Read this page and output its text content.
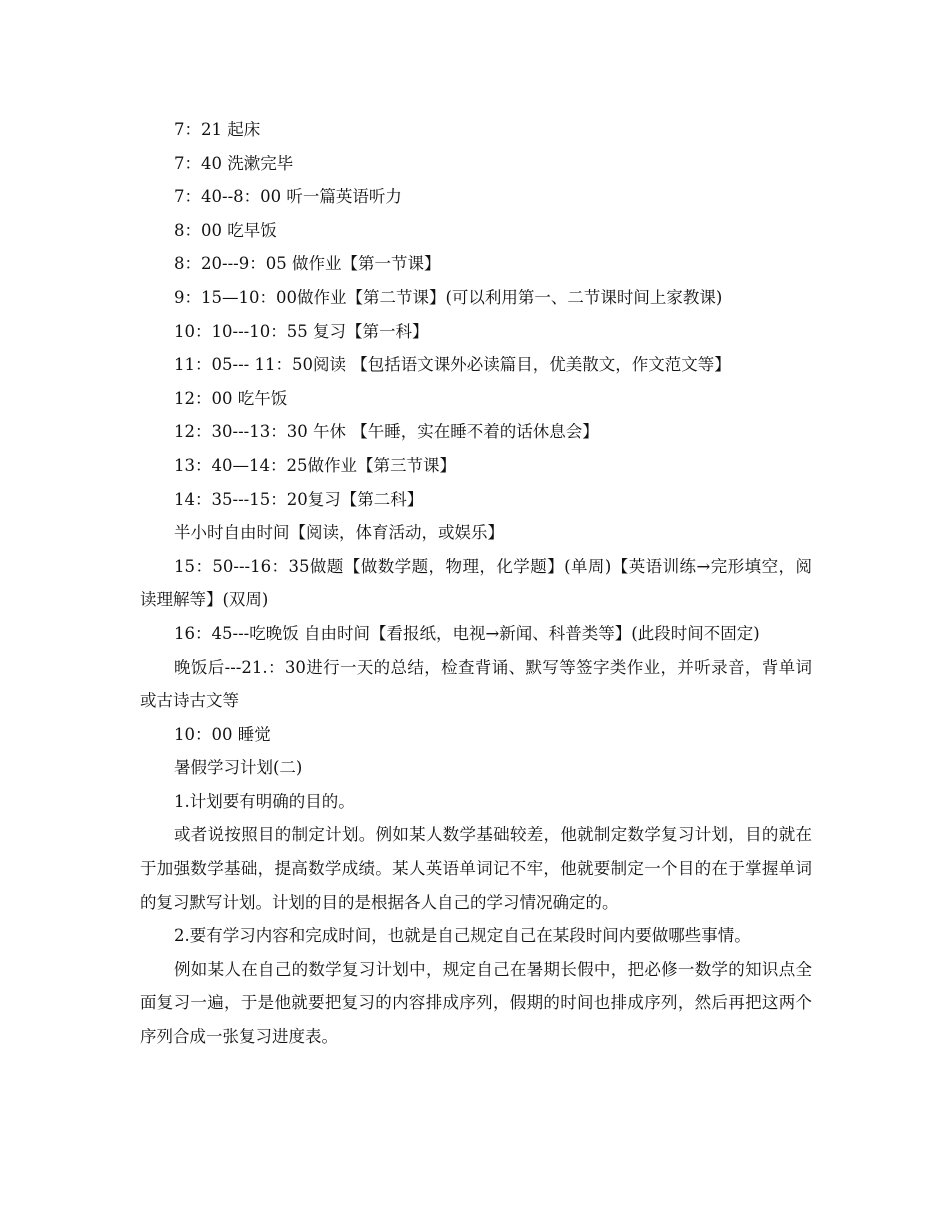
7：21 起床

7：40 洗漱完毕

7：40--8：00 听一篇英语听力

8：00 吃早饭

8：20---9：05 做作业【第一节课】

9：15—10：00做作业【第二节课】(可以利用第一、二节课时间上家教课)

10：10---10：55 复习【第一科】

11：05--- 11：50阅读 【包括语文课外必读篇目，优美散文，作文范文等】

12：00 吃午饭

12：30---13：30 午休 【午睡，实在睡不着的话休息会】

13：40—14：25做作业【第三节课】

14：35---15：20复习【第二科】

半小时自由时间【阅读，体育活动，或娱乐】

15：50---16：35做题【做数学题，物理，化学题】(单周)【英语训练→完形填空，阅读理解等】(双周)

16：45---吃晚饭 自由时间【看报纸，电视→新闻、科普类等】(此段时间不固定)

晚饭后---21.：30进行一天的总结，检查背诵、默写等签字类作业，并听录音，背单词或古诗古文等

10：00 睡觉

暑假学习计划(二)

1.计划要有明确的目的。

或者说按照目的制定计划。例如某人数学基础较差，他就制定数学复习计划，目的就在于加强数学基础，提高数学成绩。某人英语单词记不牢，他就要制定一个目的在于掌握单词的复习默写计划。计划的目的是根据各人自己的学习情况确定的。

2.要有学习内容和完成时间，也就是自己规定自己在某段时间内要做哪些事情。

例如某人在自己的数学复习计划中，规定自己在暑期长假中，把必修一数学的知识点全面复习一遍，于是他就要把复习的内容排成序列，假期的时间也排成序列，然后再把这两个序列合成一张复习进度表。
